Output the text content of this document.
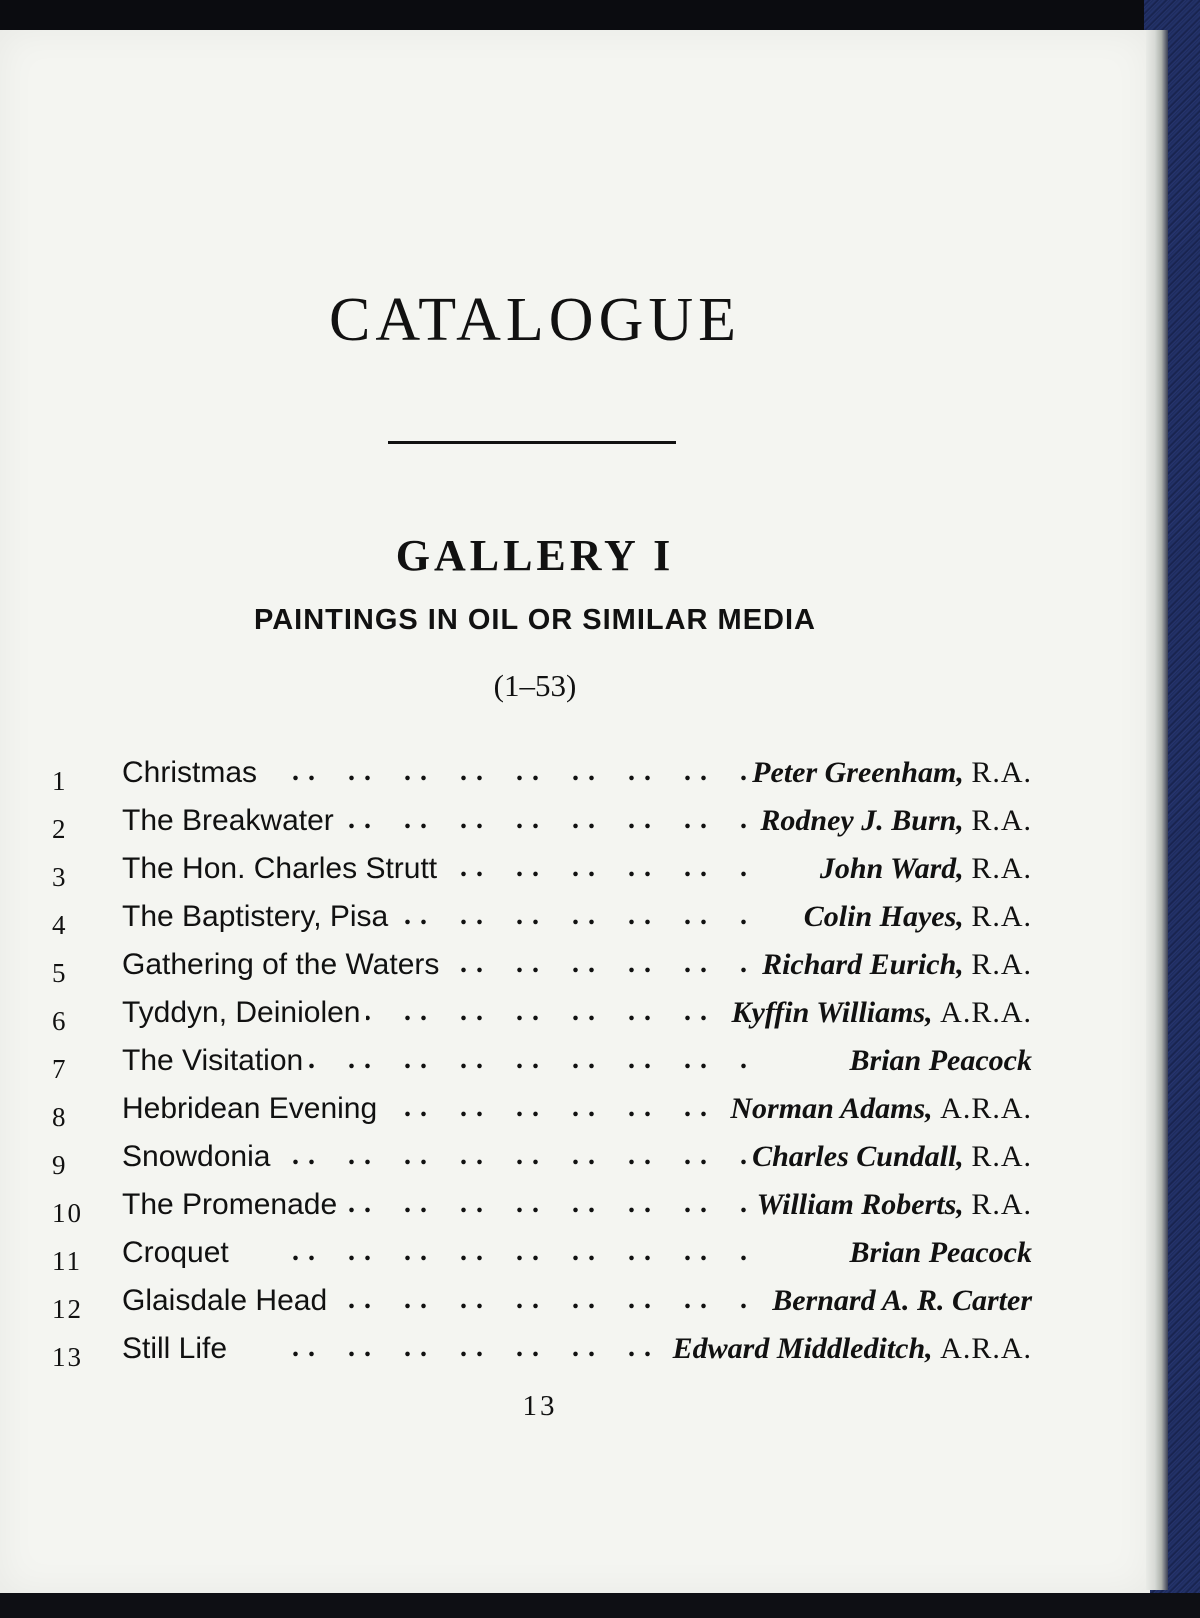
CATALOGUE
GALLERY I
PAINTINGS IN OIL OR SIMILAR MEDIA
(1–53)
1	Christmas . .	Peter Greenham, R.A.
2	The Breakwater . .	Rodney J. Burn, R.A.
3	The Hon. Charles Strutt . .	John Ward, R.A.
4	The Baptistery, Pisa . .	Colin Hayes, R.A.
5	Gathering of the Waters . .	Richard Eurich, R.A.
6	Tyddyn, Deiniolen . .	Kyffin Williams, A.R.A.
7	The Visitation . .	Brian Peacock
8	Hebridean Evening . .	Norman Adams, A.R.A.
9	Snowdonia . .	Charles Cundall, R.A.
10	The Promenade . .	William Roberts, R.A.
11	Croquet . .	Brian Peacock
12	Glaisdale Head . .	Bernard A. R. Carter
13	Still Life . .	Edward Middleditch, A.R.A.
13
